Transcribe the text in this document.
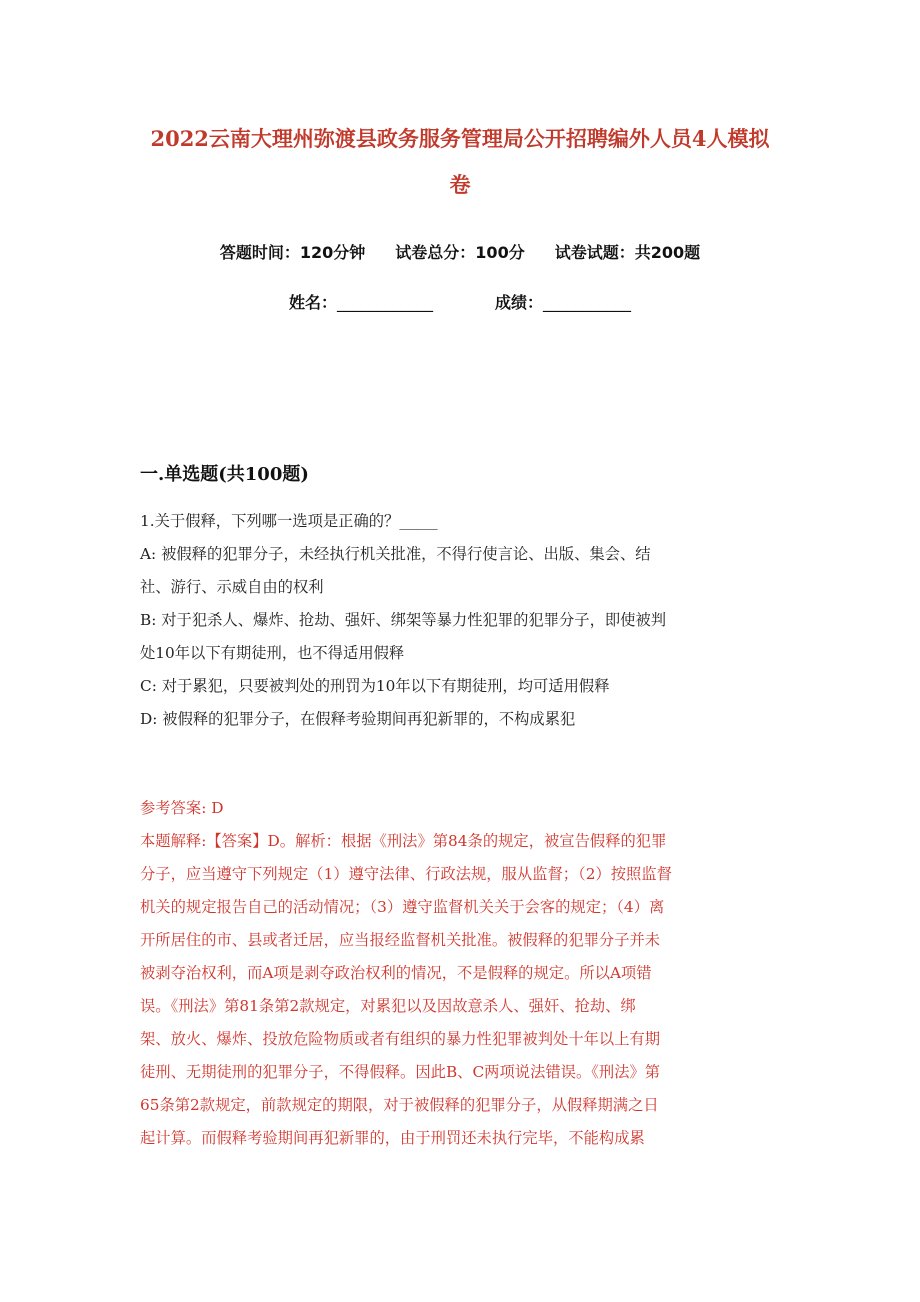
2022云南大理州弥渡县政务服务管理局公开招聘编外人员4人模拟
卷
答题时间：120分钟 试卷总分：100分 试卷试题：共200题
姓名：____________	成绩：___________
一.单选题(共100题)
1.关于假释，下列哪一选项是正确的？_____
A: 被假释的犯罪分子，未经执行机关批准，不得行使言论、出版、集会、结
社、游行、示威自由的权利
B: 对于犯杀人、爆炸、抢劫、强奸、绑架等暴力性犯罪的犯罪分子，即使被判
处10年以下有期徒刑，也不得适用假释
C: 对于累犯，只要被判处的刑罚为10年以下有期徒刑，均可适用假释
D: 被假释的犯罪分子，在假释考验期间再犯新罪的，不构成累犯
参考答案: D
本题解释:【答案】D。解析：根据《刑法》第84条的规定，被宣告假释的犯罪
分子，应当遵守下列规定（1）遵守法律、行政法规，服从监督；（2）按照监督
机关的规定报告自己的活动情况；（3）遵守监督机关关于会客的规定；（4）离
开所居住的市、县或者迁居，应当报经监督机关批准。被假释的犯罪分子并未
被剥夺治权利，而A项是剥夺政治权利的情况，不是假释的规定。所以A项错
误。《刑法》第81条第2款规定，对累犯以及因故意杀人、强奸、抢劫、绑
架、放火、爆炸、投放危险物质或者有组织的暴力性犯罪被判处十年以上有期
徒刑、无期徒刑的犯罪分子，不得假释。因此B、C两项说法错误。《刑法》第
65条第2款规定，前款规定的期限，对于被假释的犯罪分子，从假释期满之日
起计算。而假释考验期间再犯新罪的，由于刑罚还未执行完毕，不能构成累
